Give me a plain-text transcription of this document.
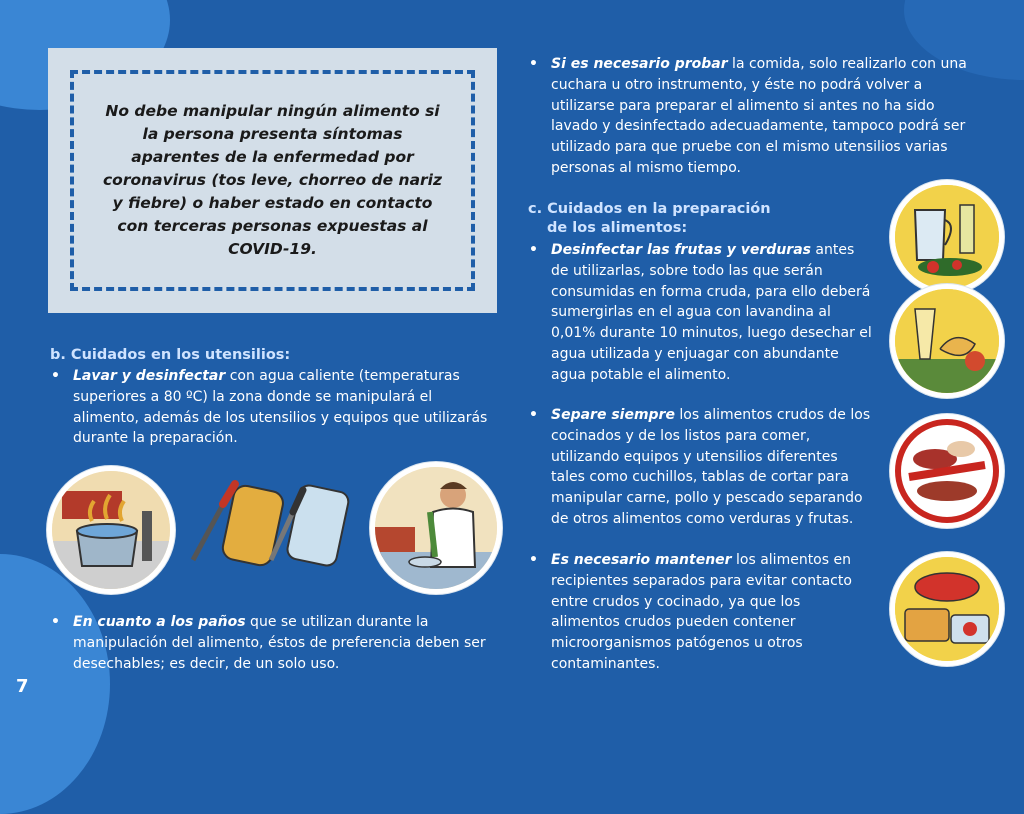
No debe manipular ningún alimento si la persona presenta síntomas aparentes de la enfermedad por coronavirus (tos leve, chorreo de nariz y fiebre) o haber estado en contacto con terceras personas expuestas al COVID-19.

b. Cuidados en los utensilios:

• Lavar y desinfectar con agua caliente (temperaturas superiores a 80 ºC) la zona donde se manipulará el alimento, además de los utensilios y equipos que utilizarás durante la preparación.

• En cuanto a los paños que se utilizan durante la manipulación del alimento, éstos de preferencia deben ser desechables; es decir, de un solo uso.

7

• Si es necesario probar la comida, solo realizarlo con una cuchara u otro instrumento, y éste no podrá volver a utilizarse para preparar el alimento si antes no ha sido lavado y desinfectado adecuadamente, tampoco podrá ser utilizado para que pruebe con el mismo utensilios varias personas al mismo tiempo.

c. Cuidados en la preparación

de los alimentos:

• Desinfectar las frutas y verduras antes de utilizarlas, sobre todo las que serán consumidas en forma cruda, para ello deberá sumergirlas en el agua con lavandina al 0,01% durante 10 minutos, luego desechar el agua utilizada y enjuagar con abundante agua potable el alimento.

• Separe siempre los alimentos crudos de los cocinados y de los listos para comer, utilizando equipos y utensilios diferentes tales como cuchillos, tablas de cortar para manipular carne, pollo y pescado separando de otros alimentos como verduras y frutas.

• Es necesario mantener los alimentos en recipientes separados para evitar contacto entre crudos y cocinado, ya que los alimentos crudos pueden contener microorganismos patógenos u otros contaminantes.
